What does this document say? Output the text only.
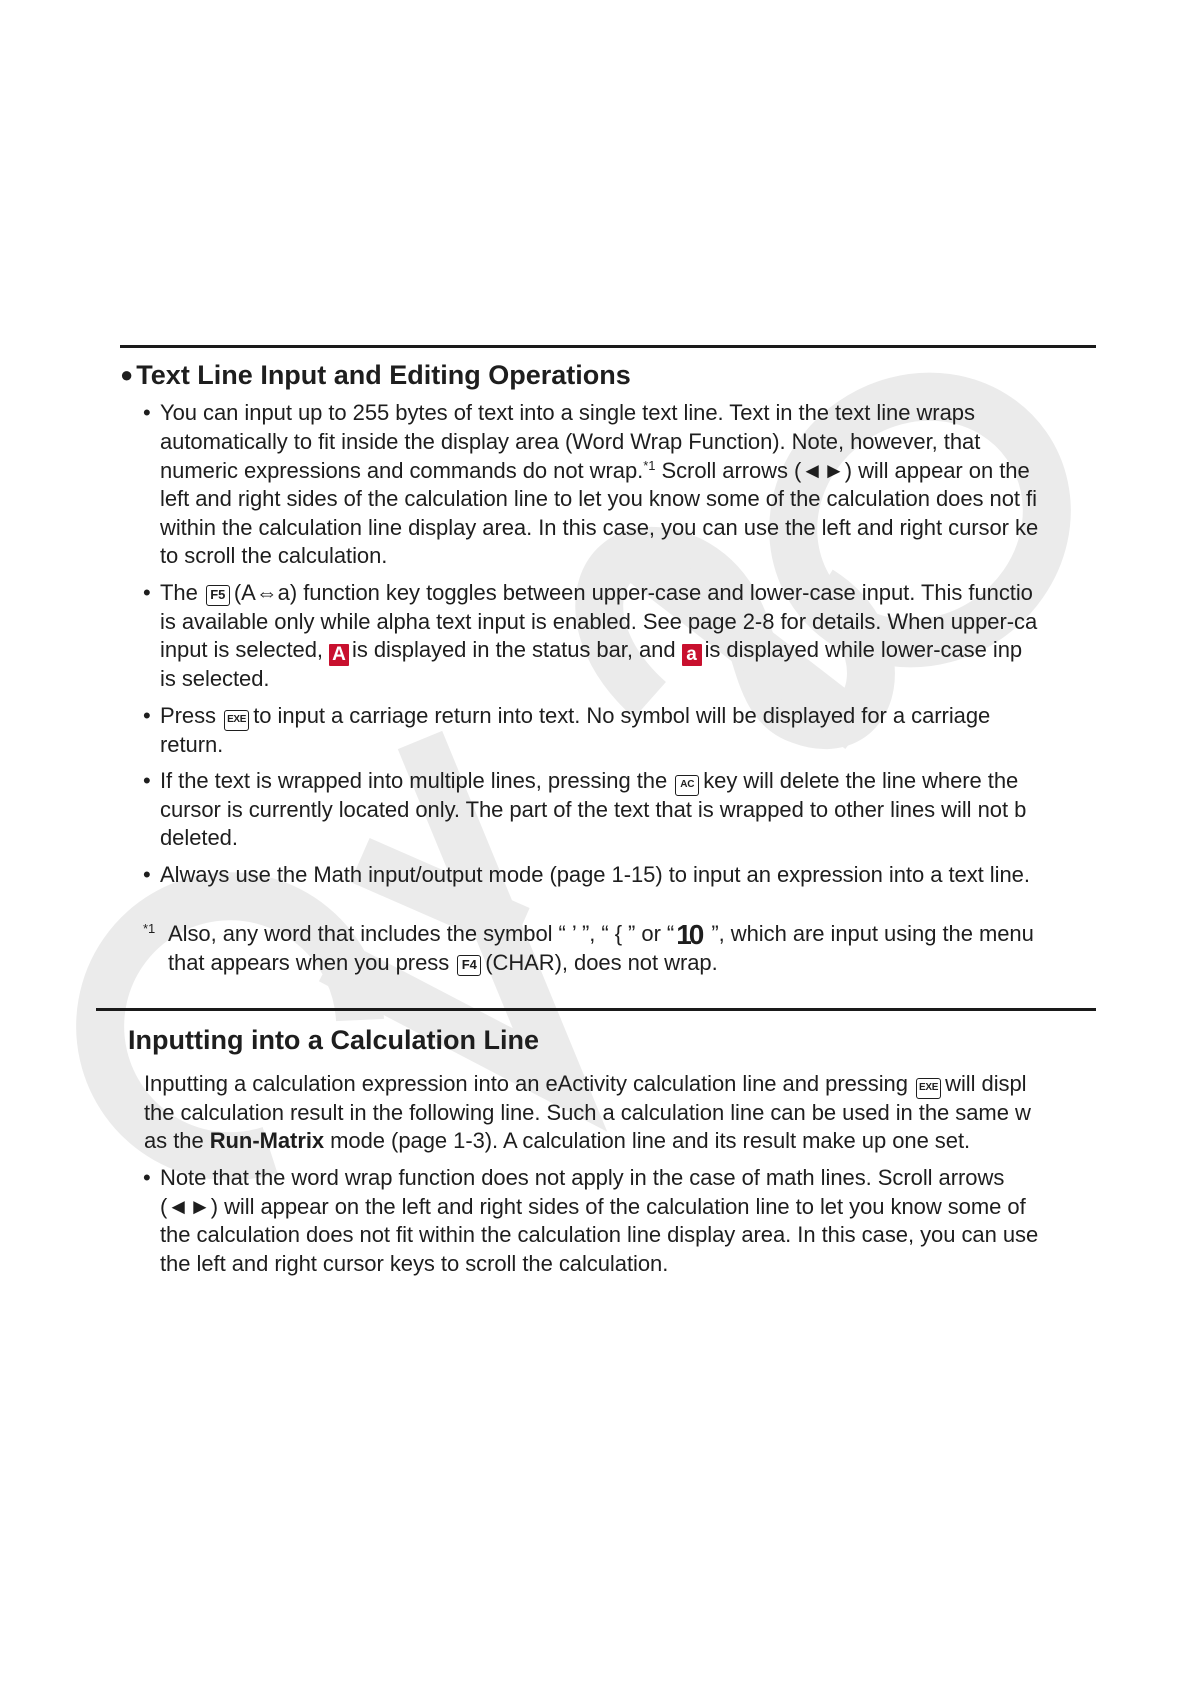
● Text Line Input and Editing Operations
• You can input up to 255 bytes of text into a single text line. Text in the text line wraps
automatically to fit inside the display area (Word Wrap Function). Note, however, that
numeric expressions and commands do not wrap.$^{*1}$ Scroll arrows (◄►) will appear on the
left and right sides of the calculation line to let you know some of the calculation does not fi
within the calculation line display area. In this case, you can use the left and right cursor ke
to scroll the calculation.
• The F5 (A⇔a) function key toggles between upper-case and lower-case input. This functio
is available only while alpha text input is enabled. See page 2-8 for details. When upper-ca
input is selected, A is displayed in the status bar, and a is displayed while lower-case inp
is selected.
• Press EXE to input a carriage return into text. No symbol will be displayed for a carriage
return.
• If the text is wrapped into multiple lines, pressing the AC key will delete the line where the
cursor is currently located only. The part of the text that is wrapped to other lines will not b
deleted.
• Always use the Math input/output mode (page 1-15) to input an expression into a text line.
$^{*1}$ Also, any word that includes the symbol “ ’ ”, “ { ” or “10 ”, which are input using the menu
that appears when you press F4 (CHAR), does not wrap.
Inputting into a Calculation Line
Inputting a calculation expression into an eActivity calculation line and pressing EXE will displ
the calculation result in the following line. Such a calculation line can be used in the same w
as the Run-Matrix mode (page 1-3). A calculation line and its result make up one set.
• Note that the word wrap function does not apply in the case of math lines. Scroll arrows
(◄►) will appear on the left and right sides of the calculation line to let you know some of
the calculation does not fit within the calculation line display area. In this case, you can use
the left and right cursor keys to scroll the calculation.
